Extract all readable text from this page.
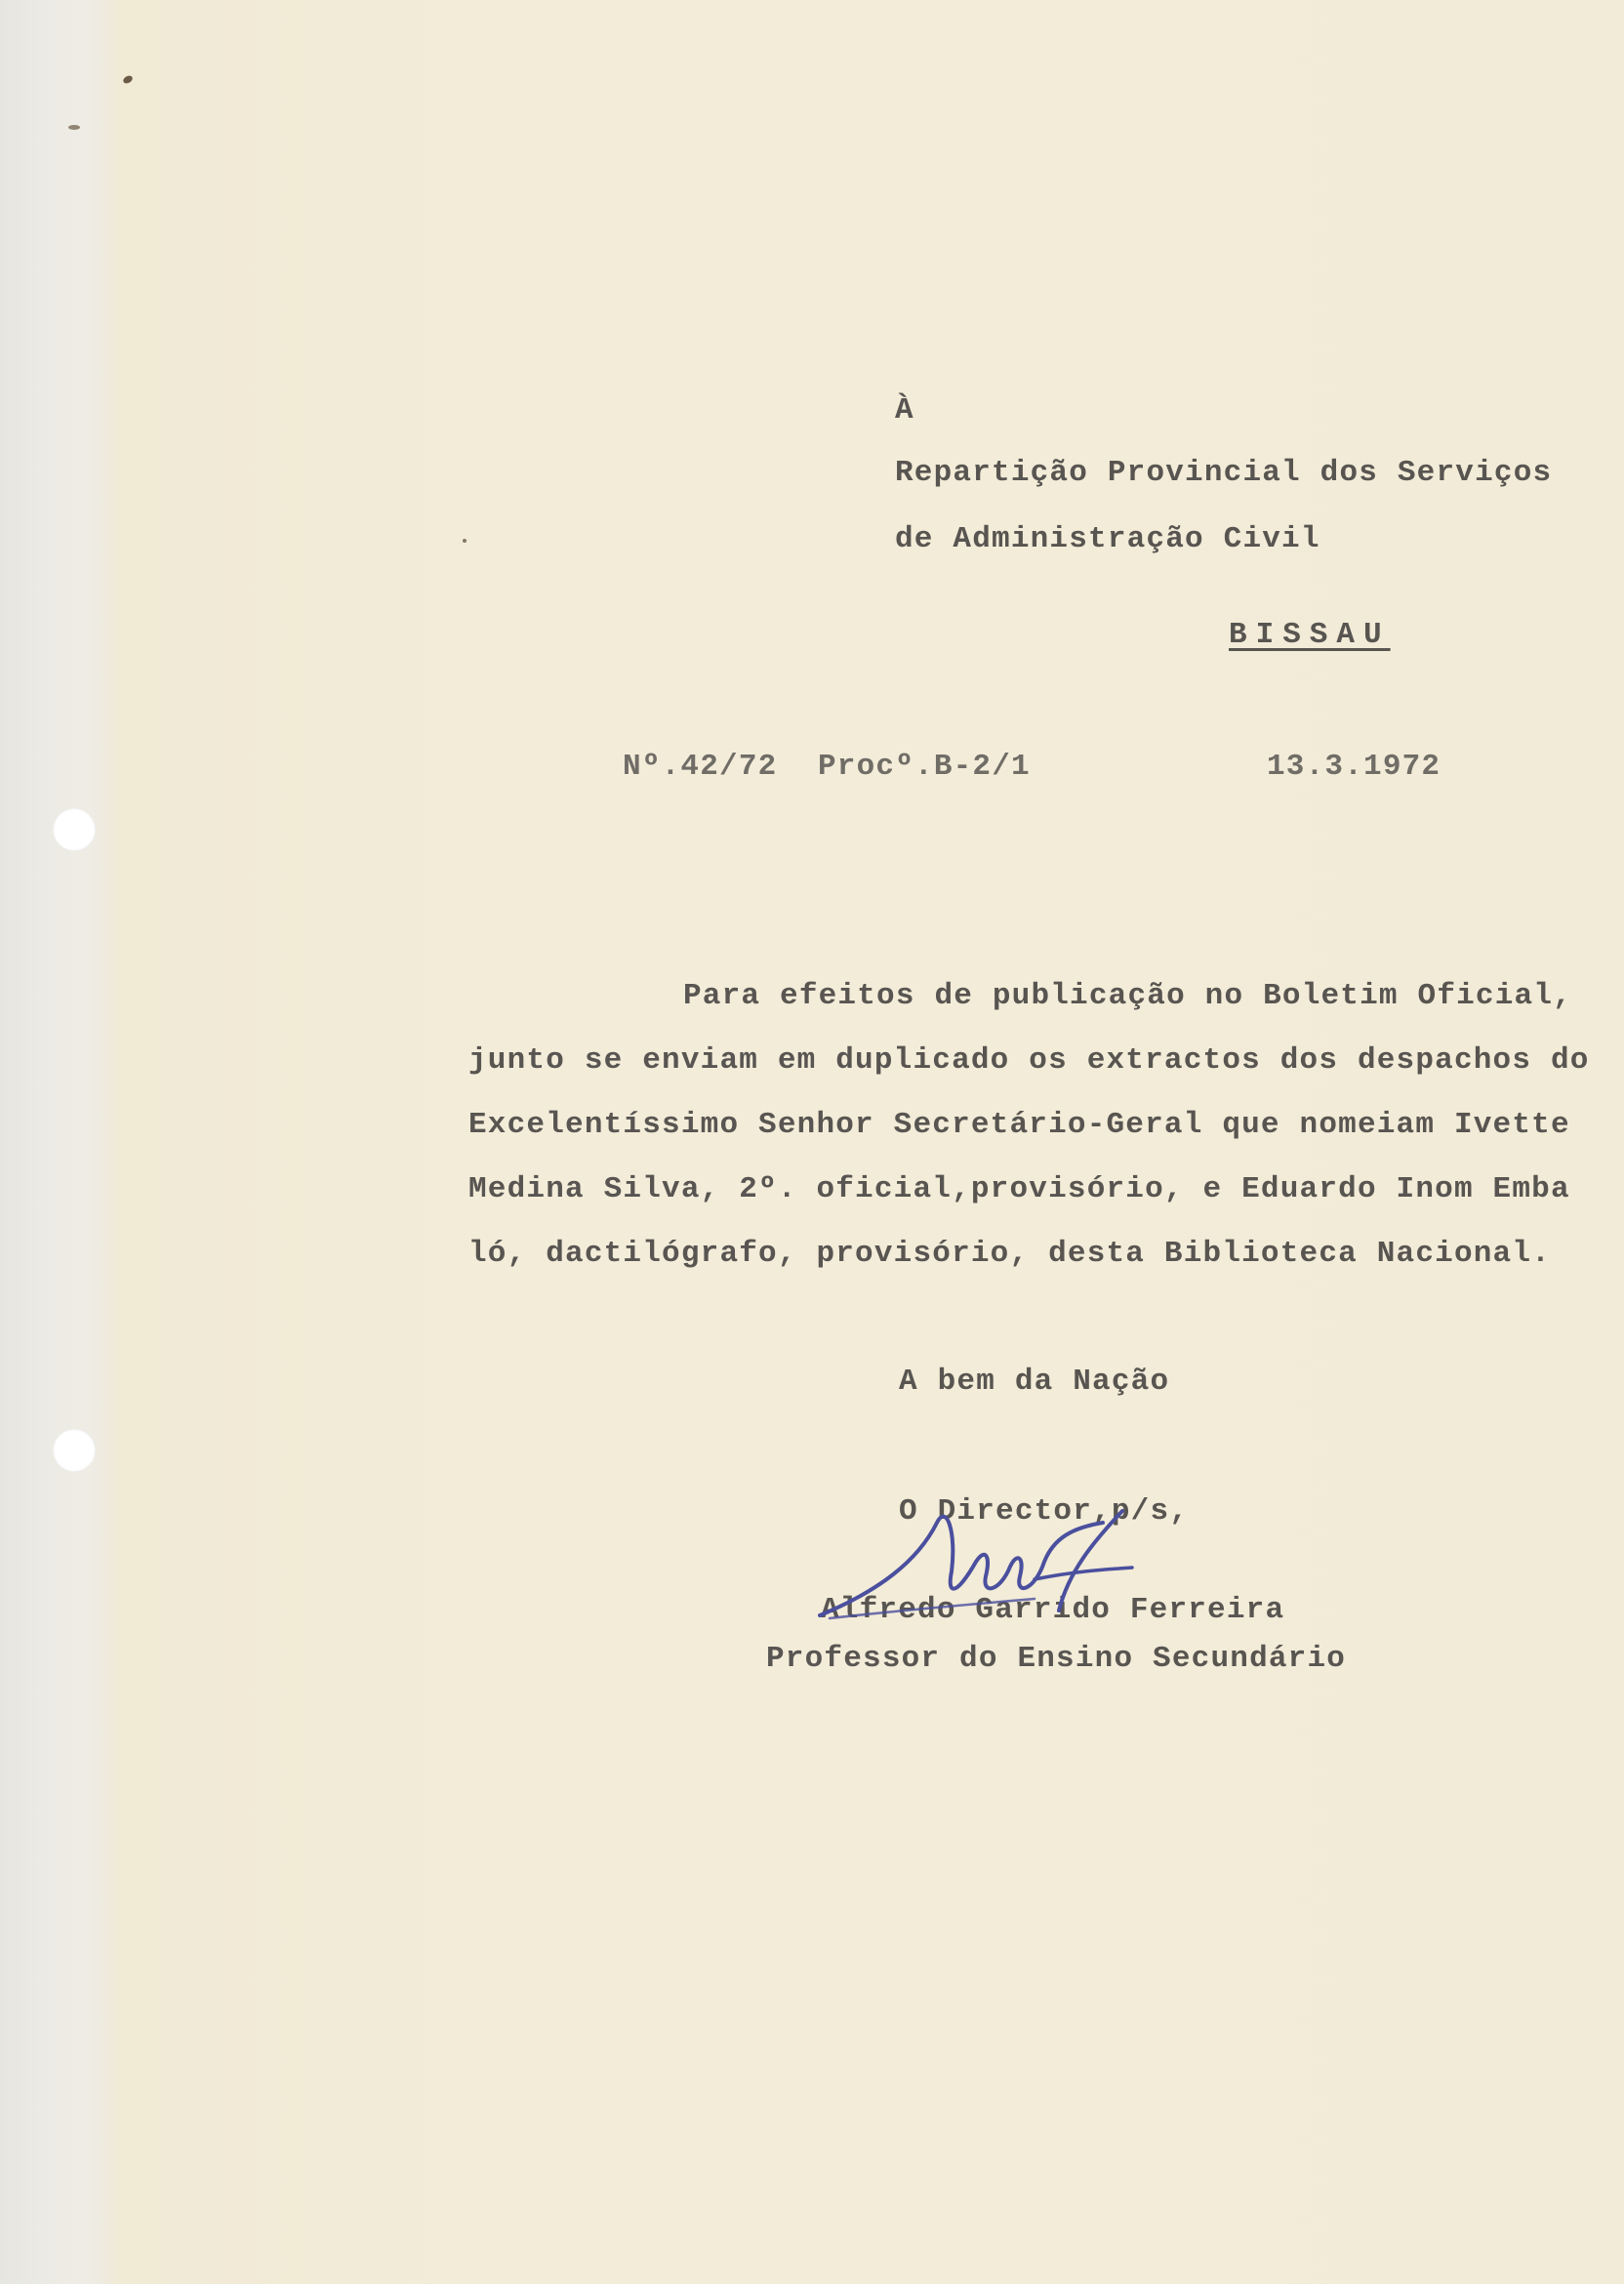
À
Repartição Provincial dos Serviços
de Administração Civil
BISSAU
Nº.42/72 Procº.B-2/1	13.3.1972
Para efeitos de publicação no Boletim Oficial,
junto se enviam em duplicado os extractos dos despachos do
Excelentíssimo Senhor Secretário-Geral que nomeiam Ivette
Medina Silva, 2º. oficial,provisório, e Eduardo Inom Emba
ló, dactilógrafo, provisório, desta Biblioteca Nacional.
A bem da Nação
O Director,p/s,
Alfredo Garrido Ferreira
Professor do Ensino Secundário
